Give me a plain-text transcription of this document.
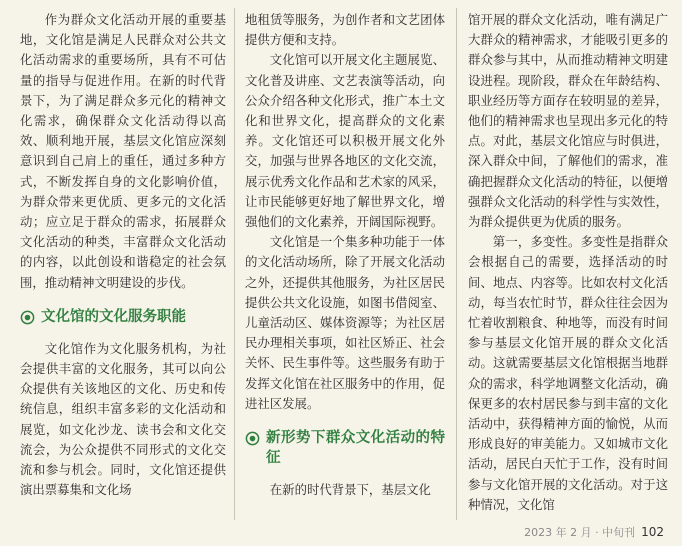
作为群众文化活动开展的重要基地，文化馆是满足人民群众对公共文化活动需求的重要场所，具有不可估量的指导与促进作用。在新的时代背景下，为了满足群众多元化的精神文化需求，确保群众文化活动得以高效、顺利地开展，基层文化馆应深刻意识到自己肩上的重任，通过多种方式，不断发挥自身的文化影响价值，为群众带来更优质、更多元的文化活动；应立足于群众的需求，拓展群众文化活动的种类，丰富群众文化活动的内容，以此创设和谐稳定的社会氛围，推动精神文明建设的步伐。

文化馆的文化服务职能

文化馆作为文化服务机构，为社会提供丰富的文化服务，其可以向公众提供有关该地区的文化、历史和传统信息，组织丰富多彩的文化活动和展览，如文化沙龙、读书会和文化交流会，为公众提供不同形式的文化交流和参与机会。同时，文化馆还提供演出票募集和文化场

地租赁等服务，为创作者和文艺团体提供方便和支持。

文化馆可以开展文化主题展览、文化普及讲座、文艺表演等活动，向公众介绍各种文化形式，推广本土文化和世界文化，提高群众的文化素养。文化馆还可以积极开展文化外交，加强与世界各地区的文化交流，展示优秀文化作品和艺术家的风采，让市民能够更好地了解世界文化，增强他们的文化素养，开阔国际视野。

文化馆是一个集多种功能于一体的文化活动场所，除了开展文化活动之外，还提供其他服务，为社区居民提供公共文化设施，如图书借阅室、儿童活动区、媒体资源等；为社区居民办理相关事项，如社区矫正、社会关怀、民生事件等。这些服务有助于发挥文化馆在社区服务中的作用，促进社区发展。

新形势下群众文化活动的特征

在新的时代背景下，基层文化

馆开展的群众文化活动，唯有满足广大群众的精神需求，才能吸引更多的群众参与其中，从而推动精神文明建设进程。现阶段，群众在年龄结构、职业经历等方面存在较明显的差异，他们的精神需求也呈现出多元化的特点。对此，基层文化馆应与时俱进，深入群众中间，了解他们的需求，准确把握群众文化活动的特征，以便增强群众文化活动的科学性与实效性，为群众提供更为优质的服务。

第一，多变性。多变性是指群众会根据自己的需要，选择活动的时间、地点、内容等。比如农村文化活动，每当农忙时节，群众往往会因为忙着收割粮食、种地等，而没有时间参与基层文化馆开展的群众文化活动。这就需要基层文化馆根据当地群众的需求，科学地调整文化活动，确保更多的农村居民参与到丰富的文化活动中，获得精神方面的愉悦，从而形成良好的审美能力。又如城市文化活动，居民白天忙于工作，没有时间参与文化馆开展的文化活动。对于这种情况，文化馆

2023 年 2 月 · 中旬刊 102
